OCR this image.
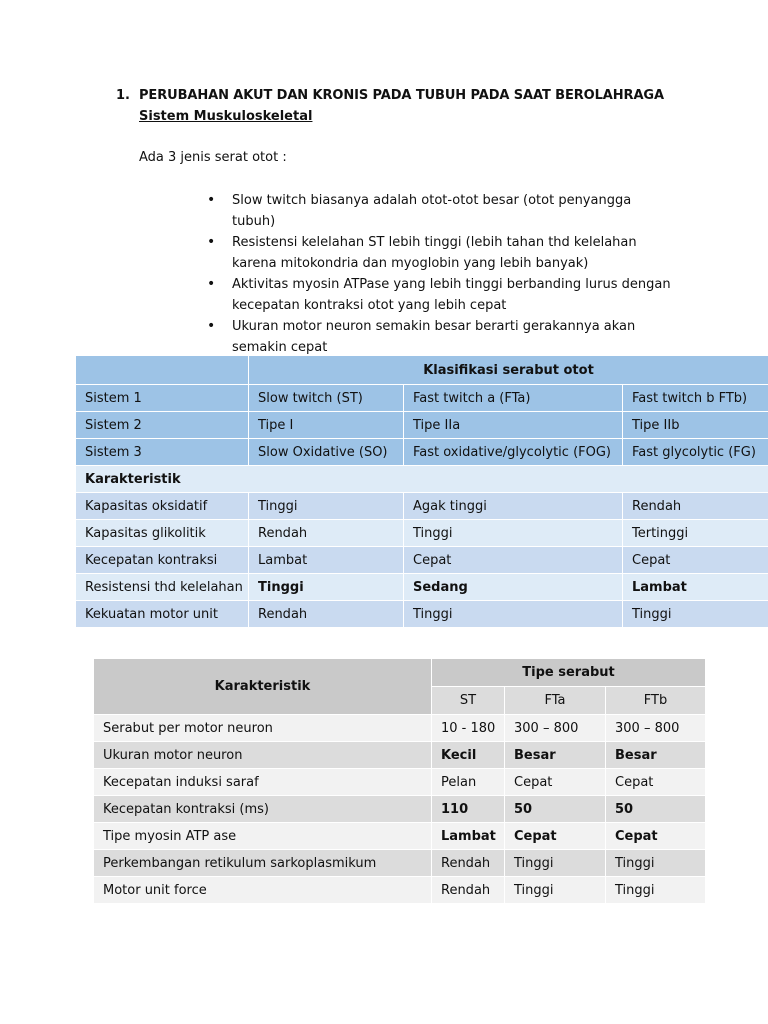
1. PERUBAHAN AKUT DAN KRONIS PADA TUBUH PADA SAAT BEROLAHRAGA
Sistem Muskuloskeletal
Ada 3 jenis serat otot :
• Slow twitch biasanya adalah otot-otot besar (otot penyangga tubuh)
• Resistensi kelelahan ST lebih tinggi (lebih tahan thd kelelahan karena mitokondria dan myoglobin yang lebih banyak)
• Aktivitas myosin ATPase yang lebih tinggi berbanding lurus dengan kecepatan kontraksi otot yang lebih cepat
• Ukuran motor neuron semakin besar berarti gerakannya akan semakin cepat
	Klasifikasi serabut otot		
Sistem 1	Slow twitch (ST)	Fast twitch a (FTa)	Fast twitch b FTb)
Sistem 2	Tipe I	Tipe IIa	Tipe IIb
Sistem 3	Slow Oxidative (SO)	Fast oxidative/glycolytic (FOG)	Fast glycolytic (FG)
Karakteristik			
Kapasitas oksidatif	Tinggi	Agak tinggi	Rendah
Kapasitas glikolitik	Rendah	Tinggi	Tertinggi
Kecepatan kontraksi	Lambat	Cepat	Cepat
Resistensi thd kelelahan	Tinggi	Sedang	Lambat
Kekuatan motor unit	Rendah	Tinggi	Tinggi
Karakteristik	Tipe serabut		
	ST	FTa	FTb
Serabut per motor neuron	10 - 180	300 – 800	300 – 800
Ukuran motor neuron	Kecil	Besar	Besar
Kecepatan induksi saraf	Pelan	Cepat	Cepat
Kecepatan kontraksi (ms)	110	50	50
Tipe myosin ATP ase	Lambat	Cepat	Cepat
Perkembangan retikulum sarkoplasmikum	Rendah	Tinggi	Tinggi
Motor unit force	Rendah	Tinggi	Tinggi
